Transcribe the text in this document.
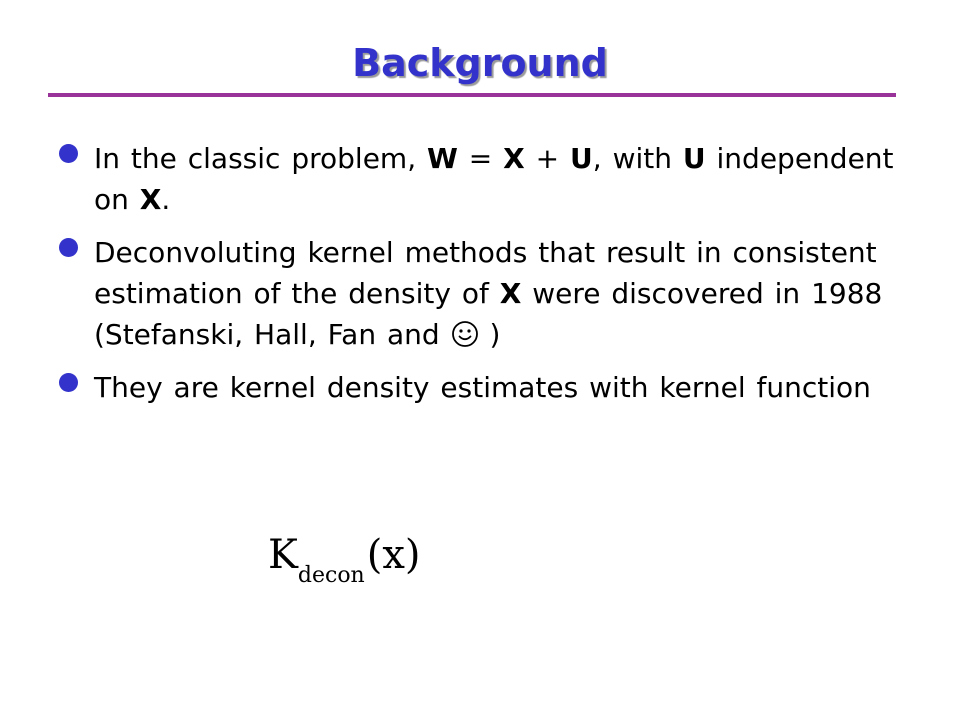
Background
In the classic problem, W = X + U, with U independent on X.
Deconvoluting kernel methods that result in consistent estimation of the density of X were discovered in 1988 (Stefanski, Hall, Fan and  )
They are kernel density estimates with kernel function
$K_{decon}(x)$
